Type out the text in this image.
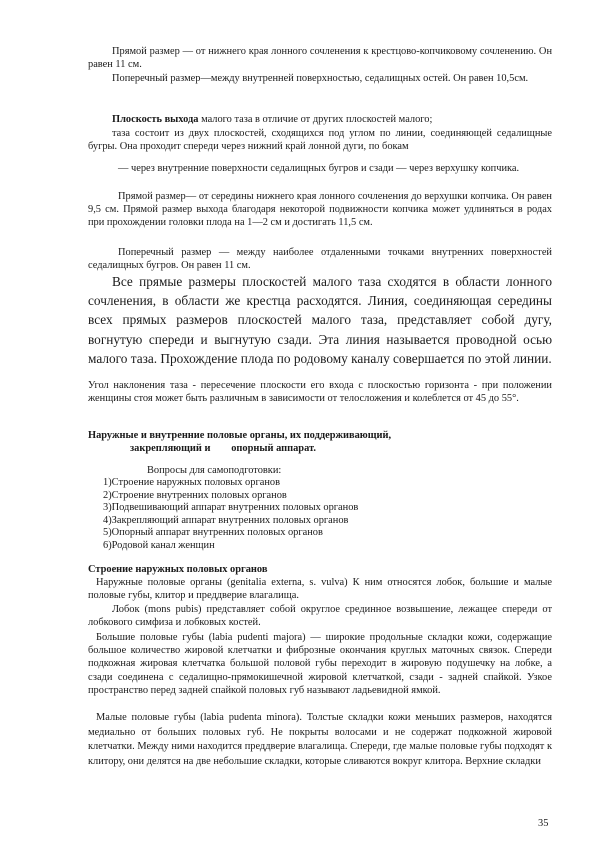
Прямой размер — от нижнего края лонного сочленения к крестцово-копчиковому сочленению. Он равен 11 см.

Поперечный размер—между внутренней поверхностью, седалищных остей. Он равен 10,5см.

Плоскость выхода малого таза в отличие от других плоскостей малого;

таза состоит из двух плоскостей, сходящихся под углом по линии, соединяющей седалищные бугры. Она проходит спереди через нижний край лонной дуги, по бокам

— через внутренние поверхности седалищных бугров и сзади — через верхушку копчика.

Прямой размер— от середины нижнего края лонного сочленения до верхушки копчика. Он равен 9,5 см. Прямой размер выхода благодаря некоторой подвижности копчика может удлиняться в родах при прохождении головки плода на 1—2 см и достигать 11,5 см.

Поперечный размер — между наиболее отдаленными точками внутренних поверхностей седалищных бугров. Он равен 11 см.

Все прямые размеры плоскостей малого таза сходятся в области лонного сочленения, в области же крестца расходятся. Линия, соединяющая середины всех прямых размеров плоскостей малого таза, представляет собой дугу, вогнутую спереди и выгнутую сзади. Эта линия называется проводной осью малого таза. Прохождение плода по родовому каналу совершается по этой линии.

Угол наклонения таза - пересечение плоскости его входа с плоскостью горизонта - при положении женщины стоя может быть различным в зависимости от телосложения и колеблется от 45 до 55°.

Наружные и внутренние половые органы, их поддерживающий,
закрепляющий и        опорный аппарат.

Вопросы для самоподготовки:

1)Строение наружных половых органов
2)Строение внутренних половых органов
3)Подвешивающий аппарат внутренних половых органов
4)Закрепляющий аппарат внутренних половых органов
5)Опорный аппарат внутренних половых органов
6)Родовой канал женщин

Строение наружных половых органов

Наружные половые органы (genitalia externa, s. vulva) К ним относятся лобок, большие и малые половые губы, клитор и преддверие влагалища.

Лобок (mons pubis) представляет собой округлое срединное возвышение, лежащее спереди от лобкового симфиза и лобковых костей.

Большие половые губы (labia pudenti majora) — широкие продольные складки кожи, содержащие большое количество жировой клетчатки и фиброзные окончания круглых маточных связок. Спереди подкожная жировая клетчатка большой половой губы переходит в жировую подушечку на лобке, а сзади соединена с седалищно-прямокишечной жировой клетчаткой, сзади - задней спайкой. Узкое пространство перед задней спайкой половых губ называют ладьевидной ямкой.

Малые половые губы (labia pudenta minora). Толстые складки кожи меньших размеров, находятся медиально от больших половых губ. Не покрыты волосами и не содержат подкожной жировой клетчатки. Между ними находится преддверие влагалища. Спереди, где малые половые губы подходят к клитору, они делятся на две небольшие складки, которые сливаются вокруг клитора. Верхние складки

35
